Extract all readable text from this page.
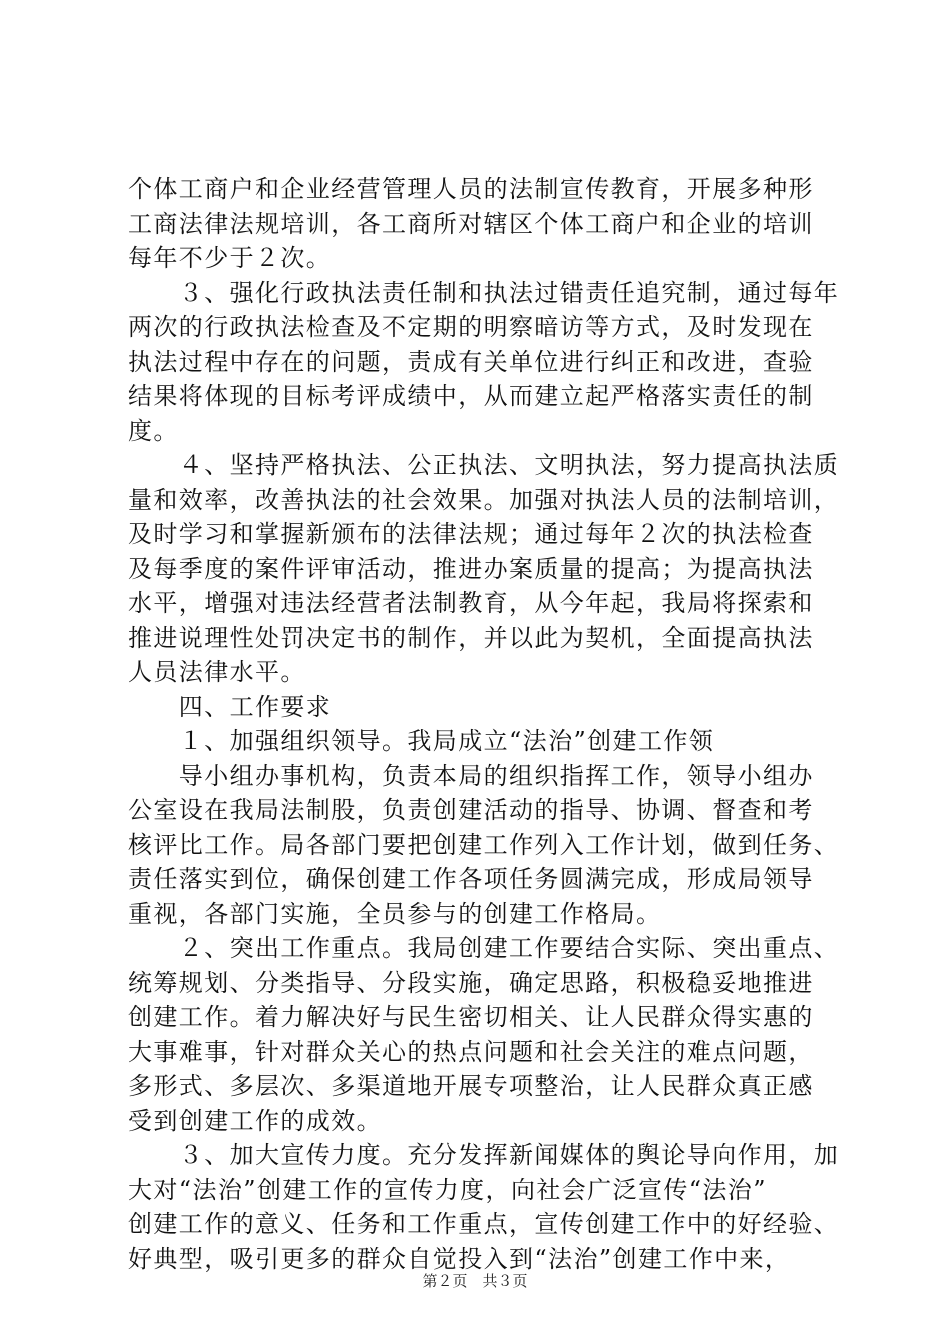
个体工商户和企业经营管理人员的法制宣传教育，开展多种形
工商法律法规培训，各工商所对辖区个体工商户和企业的培训
每年不少于２次。
　　３、强化行政执法责任制和执法过错责任追究制，通过每年
两次的行政执法检查及不定期的明察暗访等方式，及时发现在
执法过程中存在的问题，责成有关单位进行纠正和改进，查验
结果将体现的目标考评成绩中，从而建立起严格落实责任的制
度。
　　４、坚持严格执法、公正执法、文明执法，努力提高执法质
量和效率，改善执法的社会效果。加强对执法人员的法制培训，
及时学习和掌握新颁布的法律法规；通过每年２次的执法检查
及每季度的案件评审活动，推进办案质量的提高；为提高执法
水平，增强对违法经营者法制教育，从今年起，我局将探索和
推进说理性处罚决定书的制作，并以此为契机，全面提高执法
人员法律水平。
　　四、工作要求
　　１、加强组织领导。我局成立“法治”创建工作领
　　导小组办事机构，负责本局的组织指挥工作，领导小组办
公室设在我局法制股，负责创建活动的指导、协调、督查和考
核评比工作。局各部门要把创建工作列入工作计划，做到任务、
责任落实到位，确保创建工作各项任务圆满完成，形成局领导
重视，各部门实施，全员参与的创建工作格局。
　　２、突出工作重点。我局创建工作要结合实际、突出重点、
统筹规划、分类指导、分段实施，确定思路，积极稳妥地推进
创建工作。着力解决好与民生密切相关、让人民群众得实惠的
大事难事，针对群众关心的热点问题和社会关注的难点问题，
多形式、多层次、多渠道地开展专项整治，让人民群众真正感
受到创建工作的成效。
　　３、加大宣传力度。充分发挥新闻媒体的舆论导向作用，加
大对“法治”创建工作的宣传力度，向社会广泛宣传“法治”
创建工作的意义、任务和工作重点，宣传创建工作中的好经验、
好典型，吸引更多的群众自觉投入到“法治”创建工作中来，
第２页　共３页
